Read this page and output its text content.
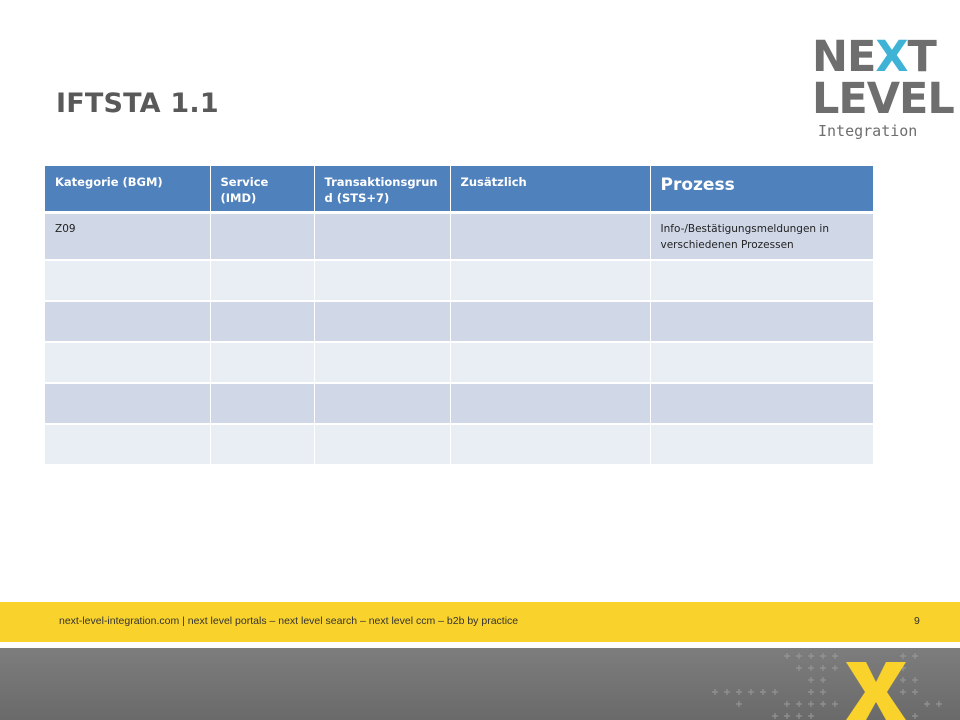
IFTSTA 1.1
NEXT
LEVEL
Integration
Kategorie (BGM)	Service (IMD)	Transaktionsgrun d (STS+7)	Zusätzlich	Prozess
Z09				Info-/Bestätigungsmeldungen in verschiedenen Prozessen

next-level-integration.com | next level portals – next level search – next level ccm – b2b by practice	9
